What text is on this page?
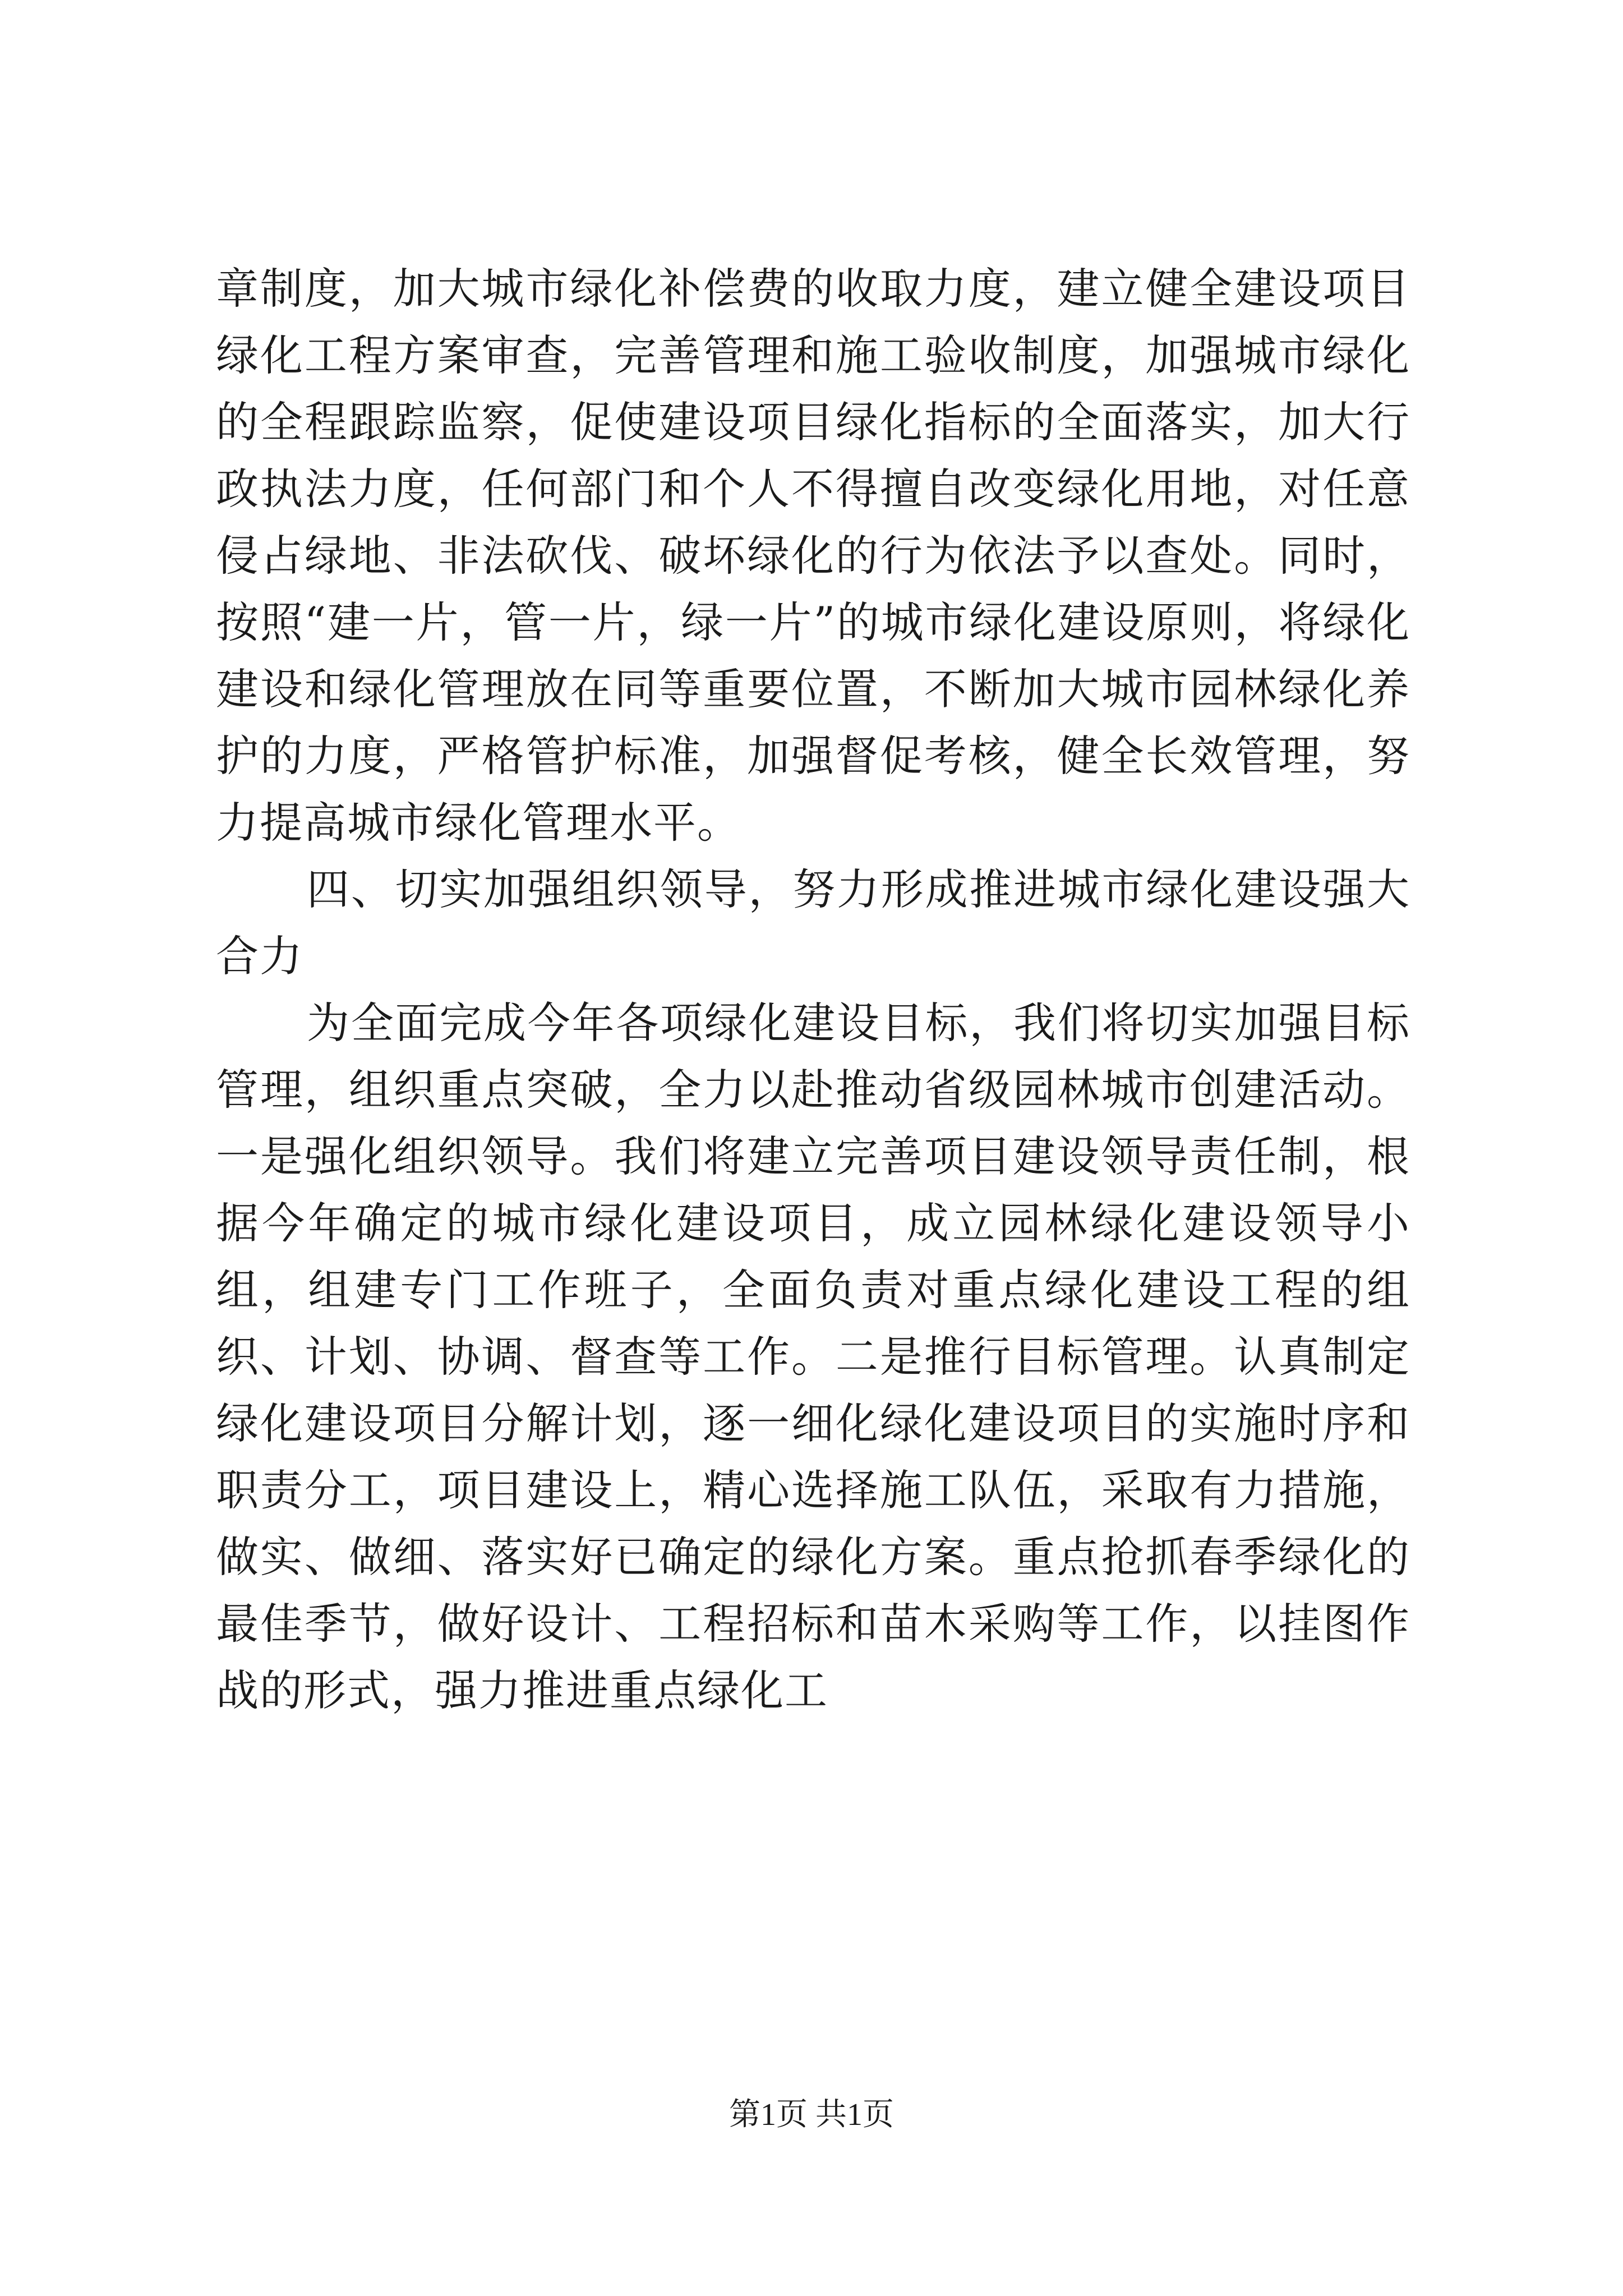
章制度，加大城市绿化补偿费的收取力度，建立健全建设项目绿化工程方案审查，完善管理和施工验收制度，加强城市绿化的全程跟踪监察，促使建设项目绿化指标的全面落实，加大行政执法力度，任何部门和个人不得擅自改变绿化用地，对任意侵占绿地、非法砍伐、破坏绿化的行为依法予以查处。同时，按照“建一片，管一片，绿一片”的城市绿化建设原则，将绿化建设和绿化管理放在同等重要位置，不断加大城市园林绿化养护的力度，严格管护标准，加强督促考核，健全长效管理，努力提高城市绿化管理水平。

四、切实加强组织领导，努力形成推进城市绿化建设强大合力

为全面完成今年各项绿化建设目标，我们将切实加强目标管理，组织重点突破，全力以赴推动省级园林城市创建活动。一是强化组织领导。我们将建立完善项目建设领导责任制，根据今年确定的城市绿化建设项目，成立园林绿化建设领导小组，组建专门工作班子，全面负责对重点绿化建设工程的组织、计划、协调、督查等工作。二是推行目标管理。认真制定绿化建设项目分解计划，逐一细化绿化建设项目的实施时序和职责分工，项目建设上，精心选择施工队伍，采取有力措施，做实、做细、落实好已确定的绿化方案。重点抢抓春季绿化的最佳季节，做好设计、工程招标和苗木采购等工作，以挂图作战的形式，强力推进重点绿化工

第1页 共1页
